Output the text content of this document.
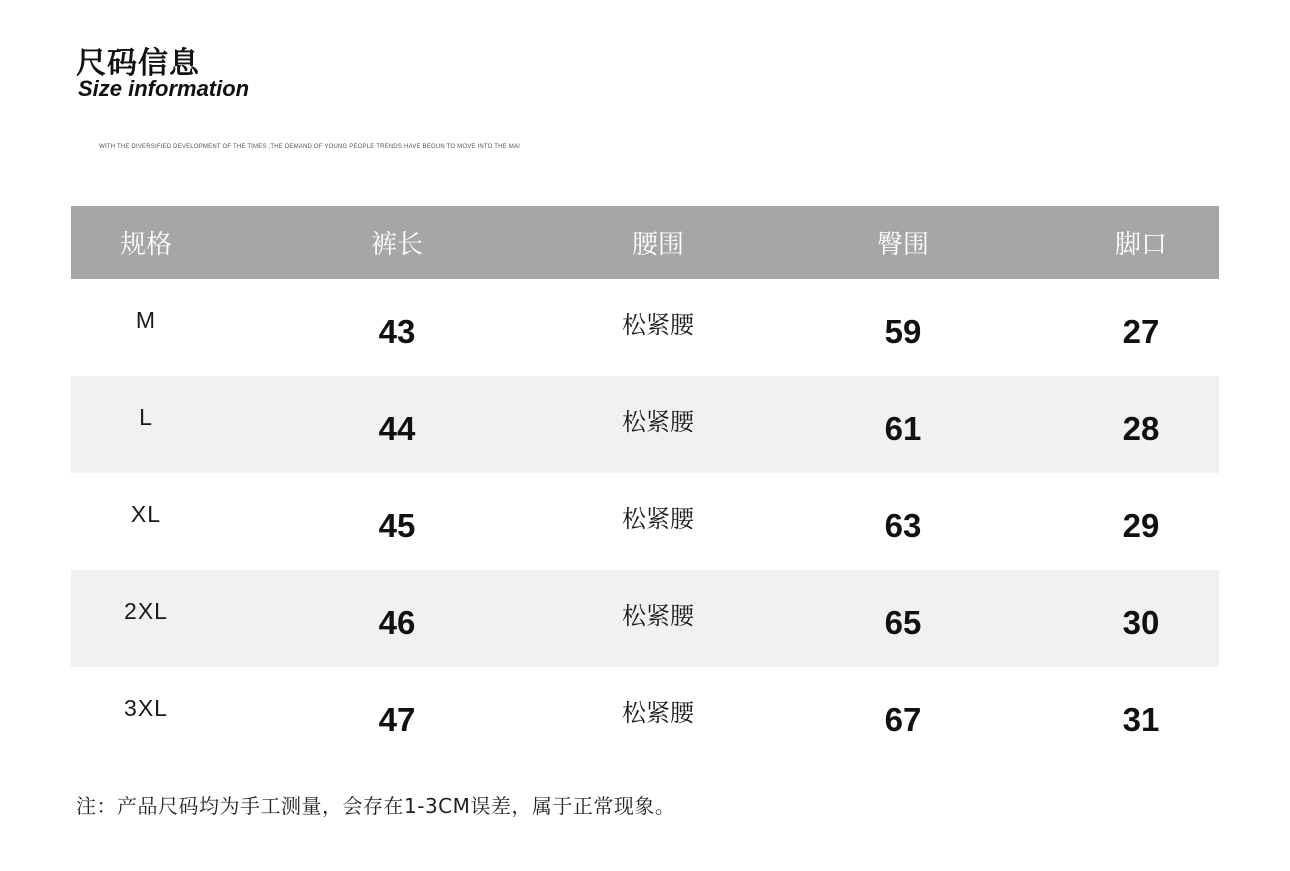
尺码信息
Size information
WITH THE DIVERSIFIED DEVELOPMENT OF THE TIMES ,THE DEMAND OF YOUNG PEOPLE TRENDS HAVE BEGUN TO MOVE INTO THE MAI
规格	裤长	腰围	臀围	脚口
M	43	松紧腰	59	27
L	44	松紧腰	61	28
XL	45	松紧腰	63	29
2XL	46	松紧腰	65	30
3XL	47	松紧腰	67	31
注：产品尺码均为手工测量，会存在1-3CM误差，属于正常现象。
